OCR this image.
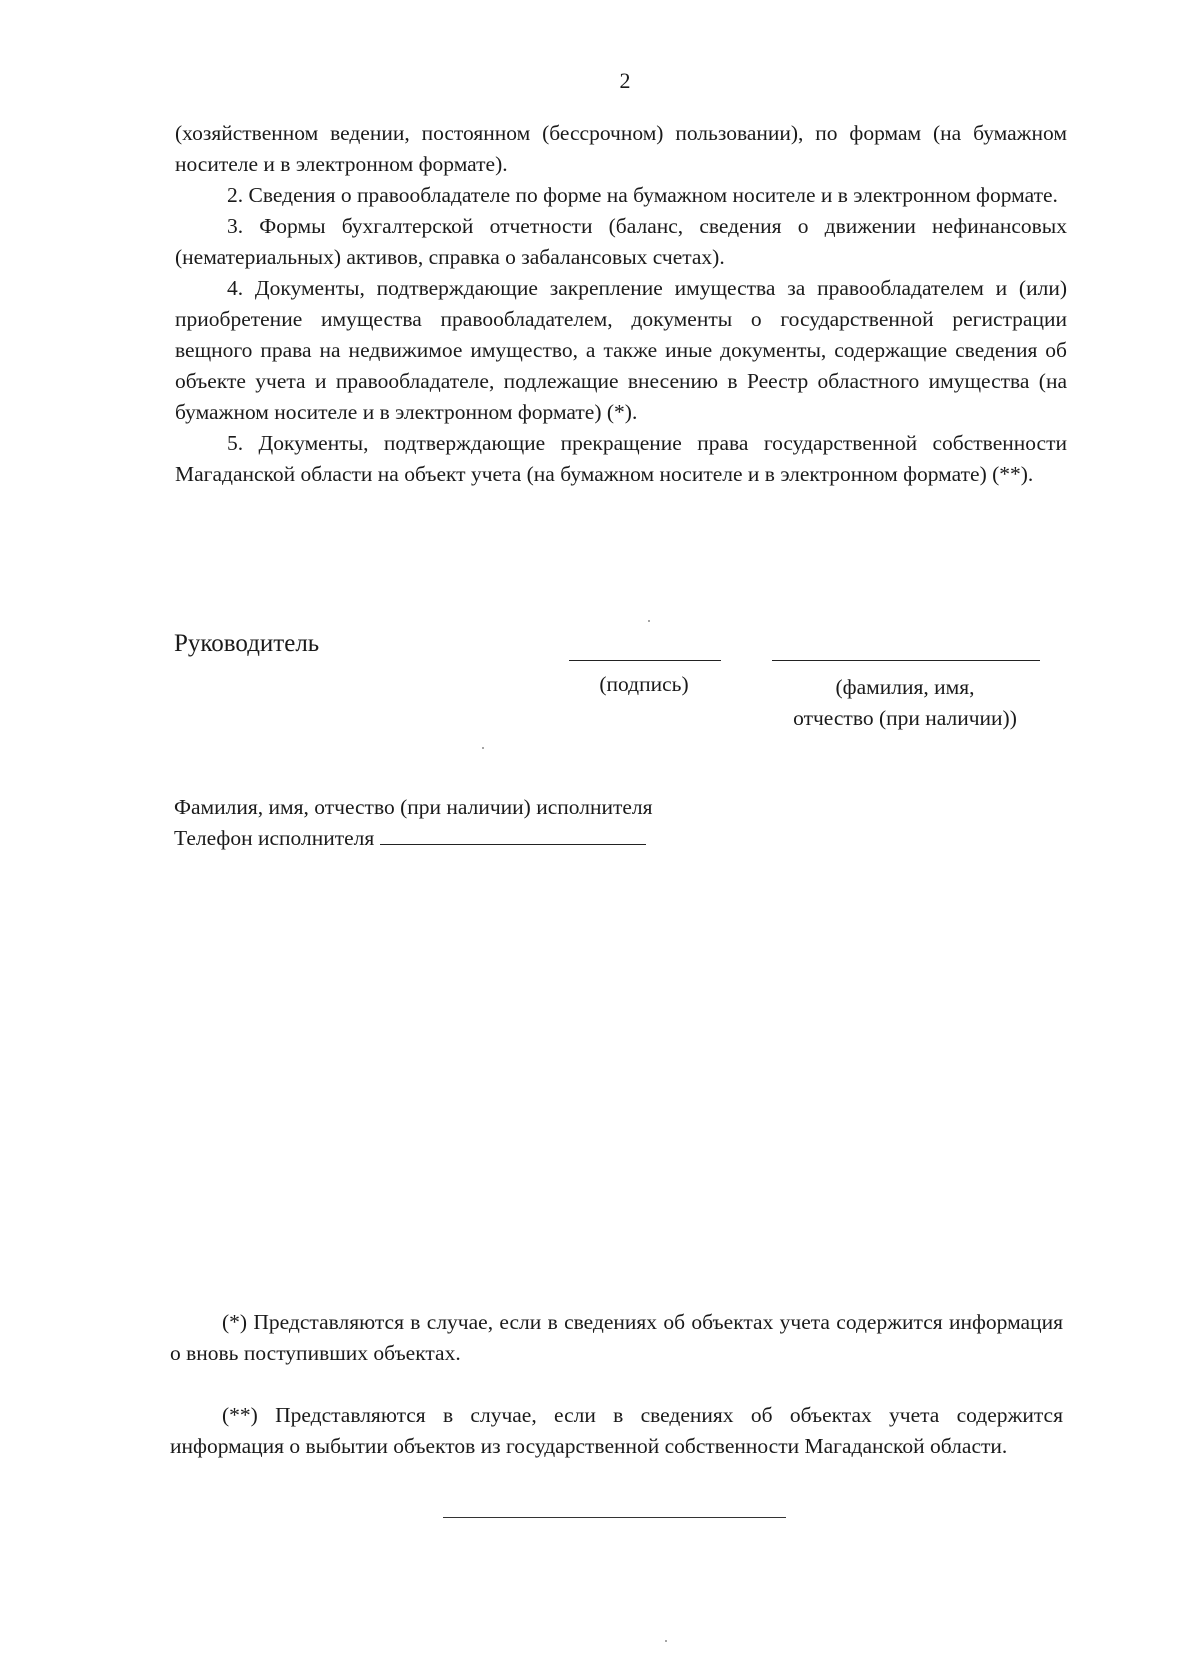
2

(хозяйственном ведении, постоянном (бессрочном) пользовании), по формам (на бумажном носителе и в электронном формате).

2. Сведения о правообладателе по форме на бумажном носителе и в электронном формате.

3. Формы бухгалтерской отчетности (баланс, сведения о движении нефинансовых (нематериальных) активов, справка о забалансовых счетах).

4. Документы, подтверждающие закрепление имущества за правообладателем и (или) приобретение имущества правообладателем, документы о государственной регистрации вещного права на недвижимое имущество, а также иные документы, содержащие сведения об объекте учета и правообладателе, подлежащие внесению в Реестр областного имущества (на бумажном носителе и в электронном формате) (*).

5. Документы, подтверждающие прекращение права государственной собственности Магаданской области на объект учета (на бумажном носителе и в электронном формате) (**).

Руководитель
(подпись)	(фамилия, имя,
отчество (при наличии))
Фамилия, имя, отчество (при наличии) исполнителя
Телефон исполнителя

(*) Представляются в случае, если в сведениях об объектах учета содержится информация о вновь поступивших объектах.

(**) Представляются в случае, если в сведениях об объектах учета содержится информация о выбытии объектов из государственной собственности Магаданской области.
